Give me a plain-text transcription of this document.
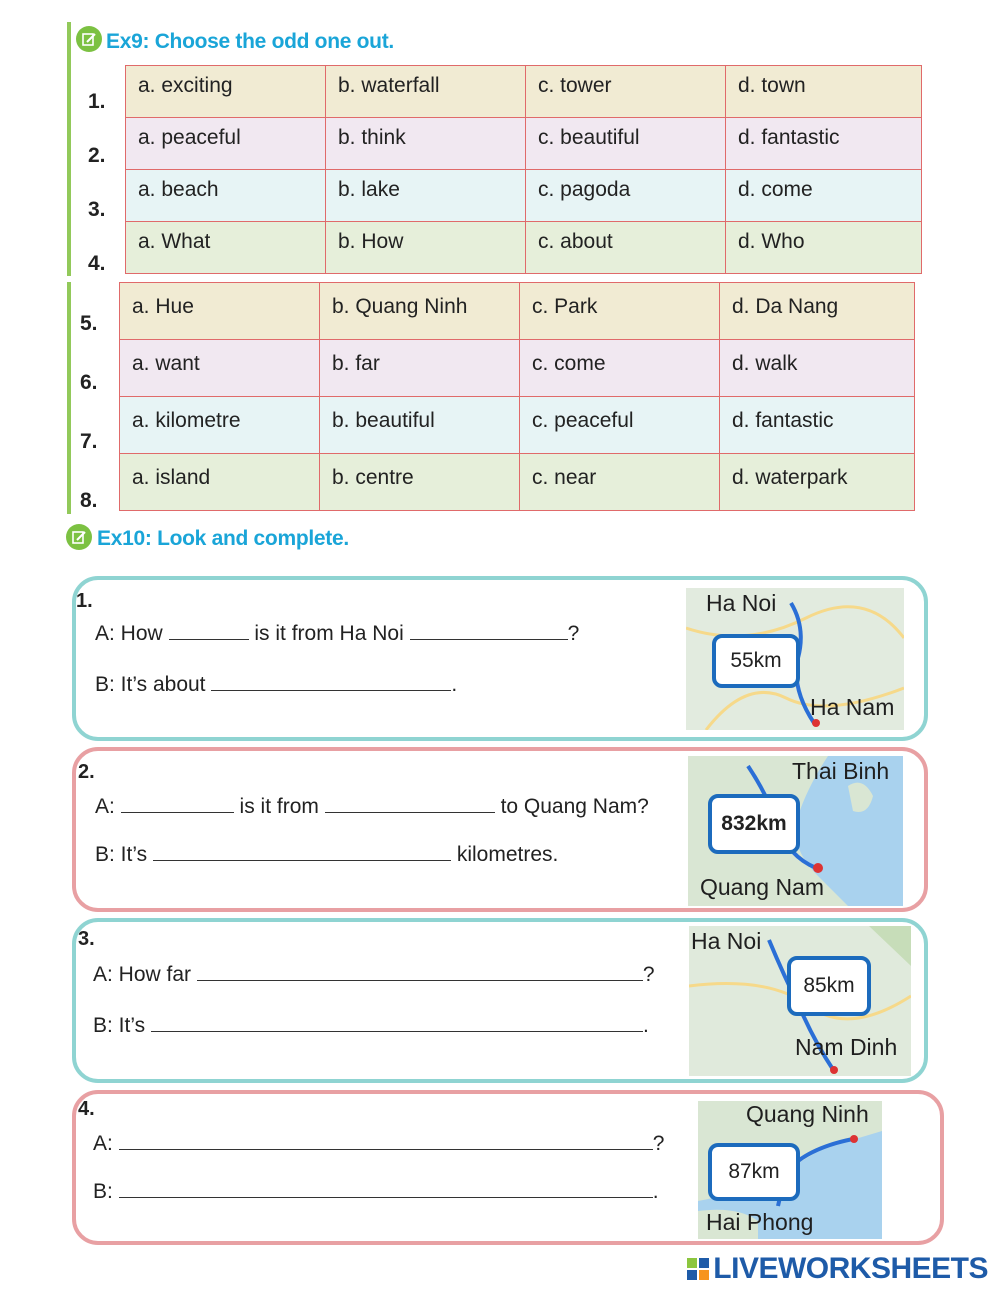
Ex9: Choose the odd one out.
a. exciting	b. waterfall	c. tower	d. town

a. peaceful	b. think	c. beautiful	d. fantastic

a. beach	b. lake	c. pagoda	d. come

a. What	b. How	c. about	d. Who
1.
2.
3.
4.
a. Hue	b. Quang Ninh	c. Park	d. Da Nang

a. want	b. far	c. come	d. walk

a. kilometre	b. beautiful	c. peaceful	d. fantastic

a. island	b. centre	c. near	d. waterpark
5.
6.
7.
8.
Ex10: Look and complete.
1.
A: How	is it from Ha Noi	?
B: It’s about	.
Ha Noi
Ha Nam
55km
2.
A:	is it from	to Quang Nam?
B: It’s	kilometres.
Thai Binh
Quang Nam
832km
3.
A: How far	?
B: It’s	.
Ha Noi
Nam Dinh
85km
4.
A:	?
B:	.
Quang Ninh
Hai Phong
87km
LIVEWORKSHEETS
